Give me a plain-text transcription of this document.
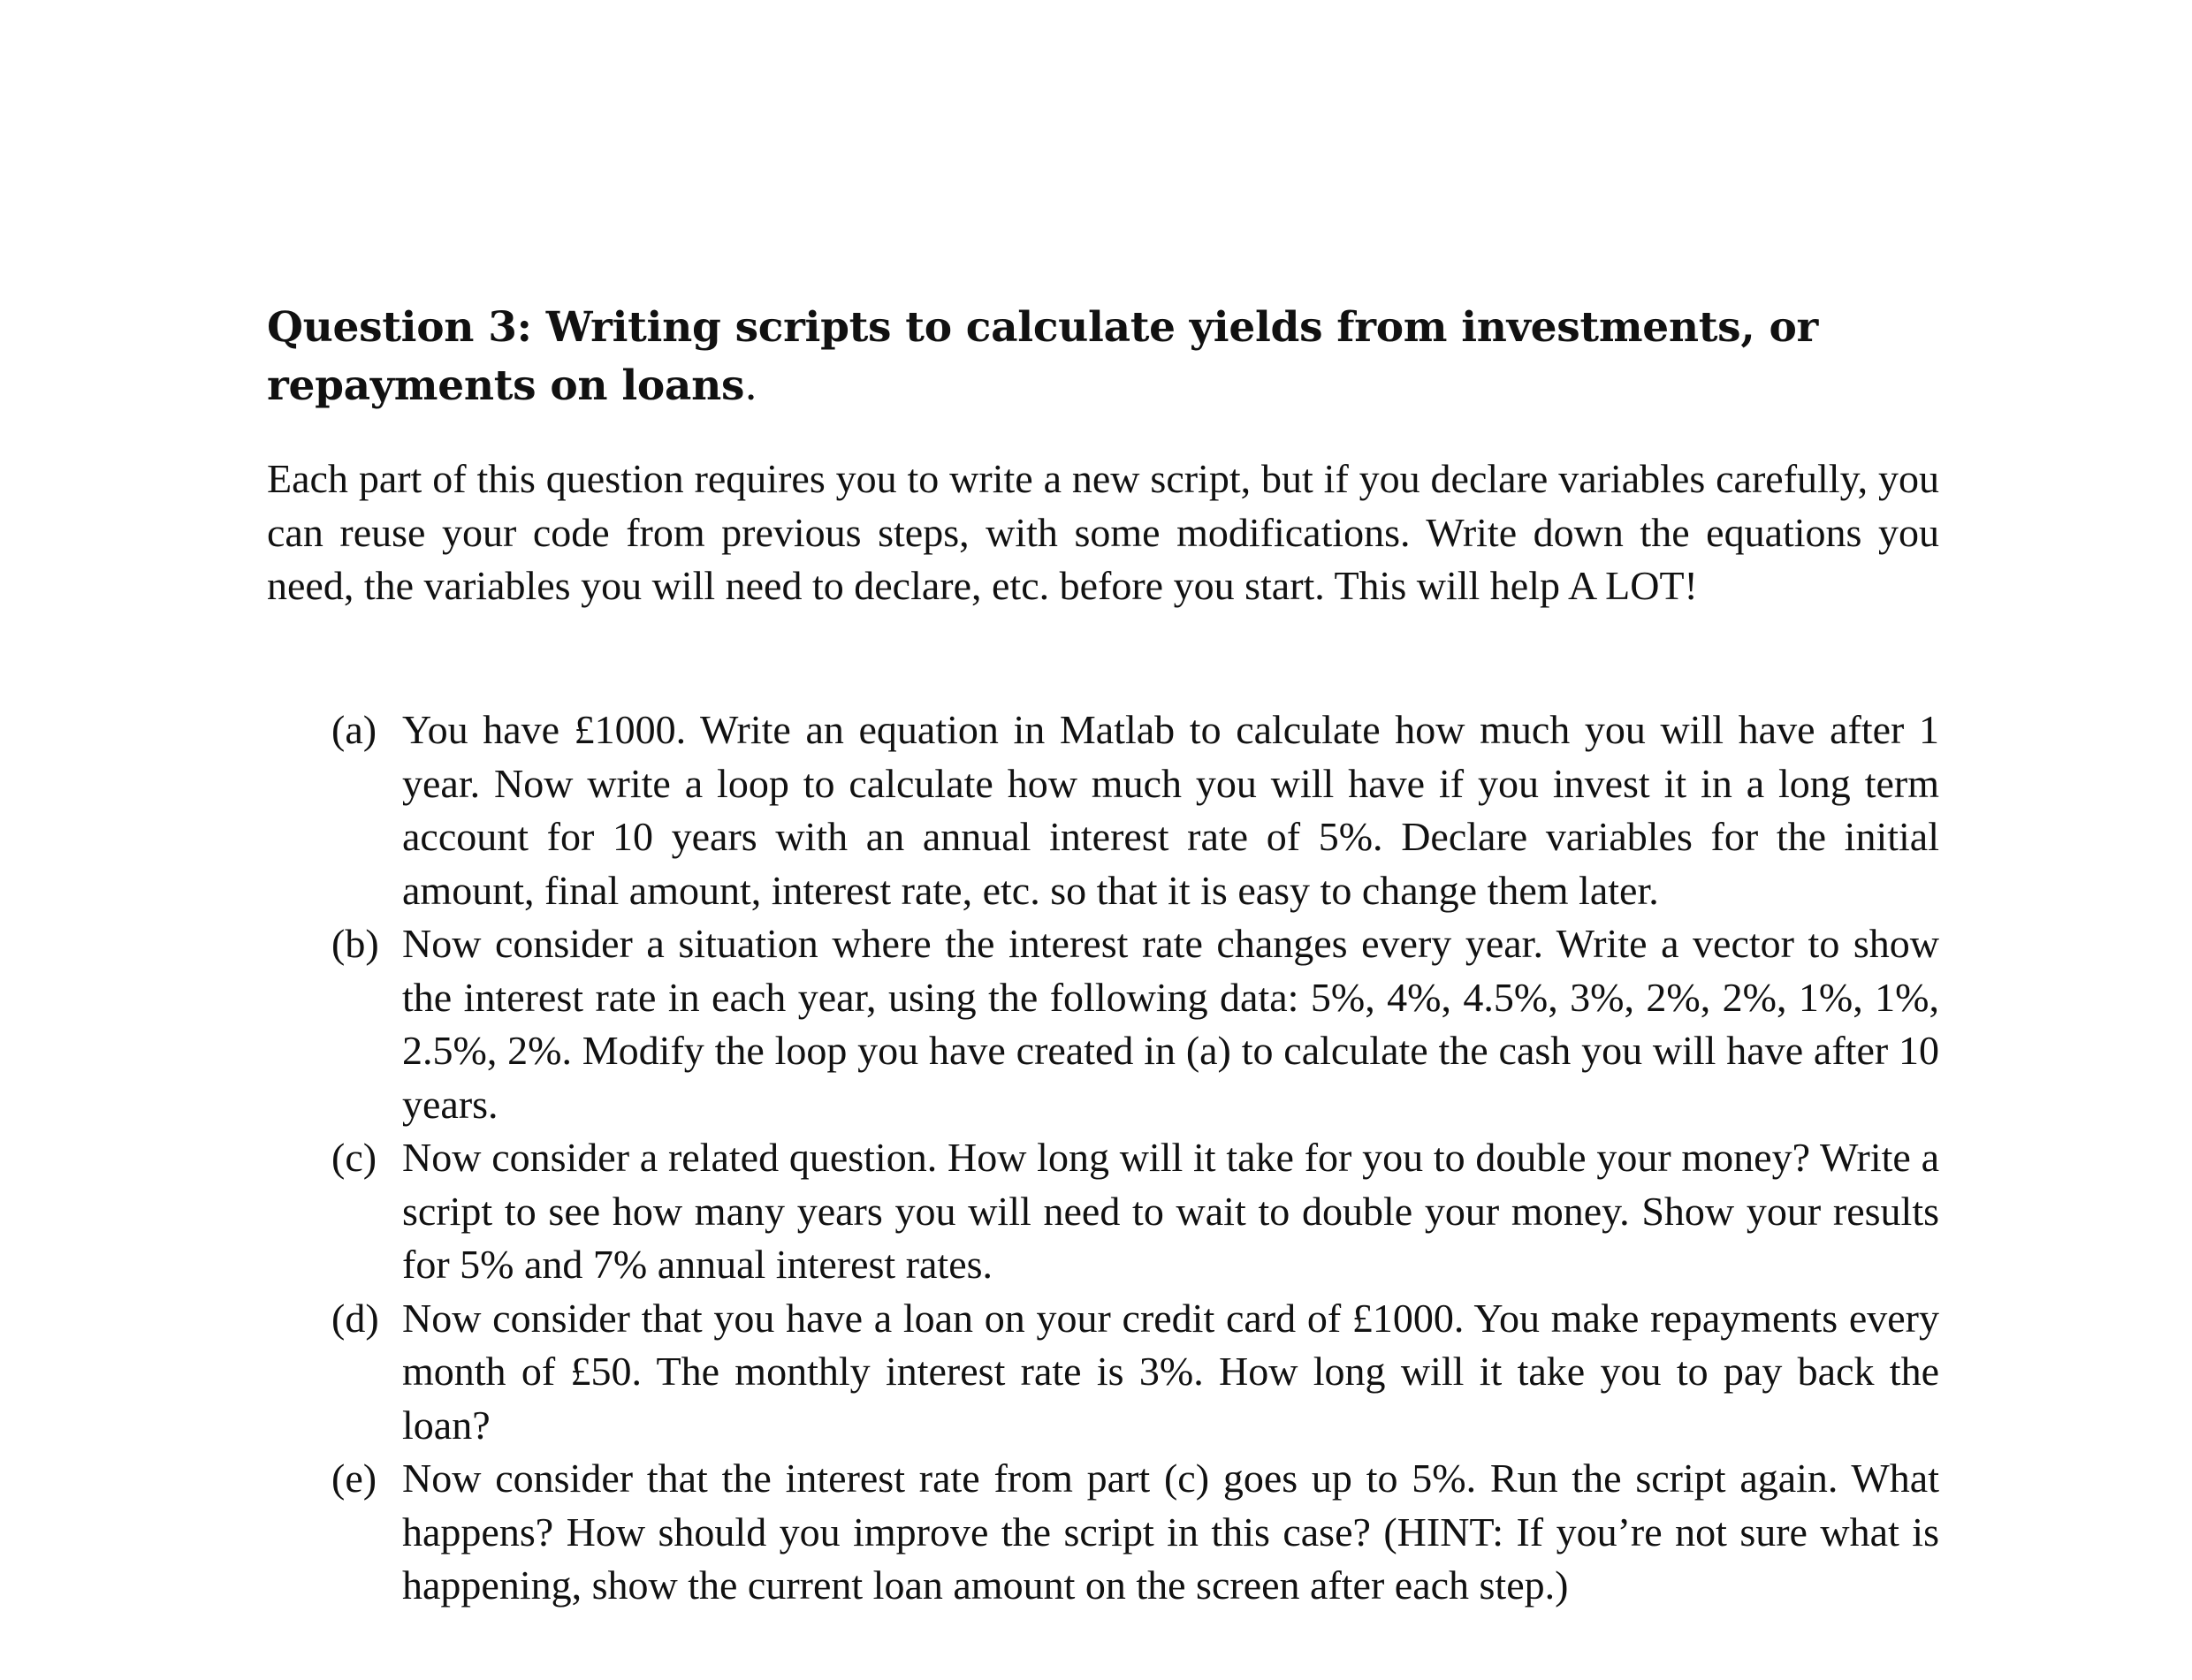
Question 3: Writing scripts to calculate yields from investments, or repayments on loans.

Each part of this question requires you to write a new script, but if you declare variables carefully, you can reuse your code from previous steps, with some modifications. Write down the equations you need, the variables you will need to declare, etc. before you start. This will help A LOT!

(a) You have £1000. Write an equation in Matlab to calculate how much you will have after 1 year. Now write a loop to calculate how much you will have if you invest it in a long term account for 10 years with an annual interest rate of 5%. Declare variables for the initial amount, final amount, interest rate, etc. so that it is easy to change them later.
(b) Now consider a situation where the interest rate changes every year. Write a vector to show the interest rate in each year, using the following data: 5%, 4%, 4.5%, 3%, 2%, 2%, 1%, 1%, 2.5%, 2%. Modify the loop you have created in (a) to calculate the cash you will have after 10 years.
(c) Now consider a related question. How long will it take for you to double your money? Write a script to see how many years you will need to wait to double your money. Show your results for 5% and 7% annual interest rates.
(d) Now consider that you have a loan on your credit card of £1000. You make repayments every month of £50. The monthly interest rate is 3%. How long will it take you to pay back the loan?
(e) Now consider that the interest rate from part (c) goes up to 5%. Run the script again. What happens? How should you improve the script in this case? (HINT: If you’re not sure what is happening, show the current loan amount on the screen after each step.)
